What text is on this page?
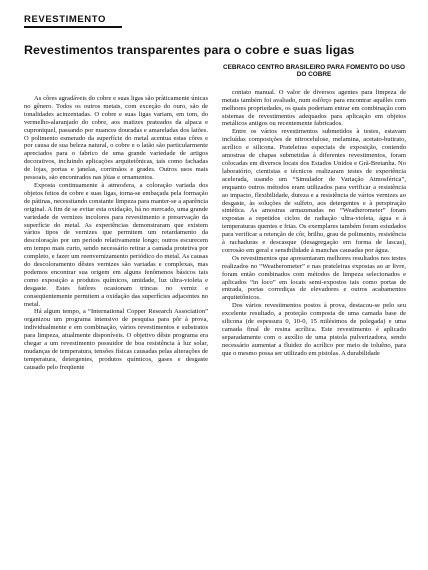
REVESTIMENTO
Revestimentos transparentes para o cobre e suas ligas

As côres agradáveis do cobre e suas ligas são pràticamente únicas no gênero. Todos os outros metais, com exceção do ouro, são de tonalidades acinzentadas. O cobre e suas ligas variam, em tom, do vermelho-alaranjado do cobre, aos matizes prateados da alpaca e cuproniquel, passando por nuances douradas e amareladas dos latões. O polimento esmerado da superfície do metal acentua estas côres e por causa de sua beleza natural, o cobre e o latão são particularmente apreciados para o fabrico de uma grande variedade de artigos decorativos, incluindo aplicações arquitetônicas, tais como fachadas de lojas, portas e janelas, corrimãos e grades. Outros usos mais pessoais, são encontrados nas jóias e ornamentos.

Exposta continuamente à atmosfera, a coloração variada dos objetos feitos de cobre e suas ligas, torna-se embaçada pela formação de pátinas, necessitando constante limpeza para manter-se a aparência original. A fim de se evitar esta oxidação, há no mercado, uma grande variedade de vernizes incolores para revestimento e preservação da superfície do metal. As experiências demonstraram que existem vários tipos de vernizes que permitem um retardamento da descoloração por um período relativamente longo; outros escurecem em tempo mais curto, sendo necessário retirar a camada protetiva por completo, e fazer um reenvernizamento periódico do metal. As causas do descoloramento dêstes vernizes são variadas e complexas, mas podemos encontrar sua origem em alguns fenômenos básicos tais como exposição a produtos químicos, umidade, luz ultra-violeta e desgaste. Estes fatôres ocasionam trincas no verniz e conseqüentemente permitem a oxidação das superfícies adjacentes no metal.

Há algum tempo, a “International Copper Research Association” organizou um programa intensivo de pesquisa para pôr à prova, individualmente e em combinação, vários revestimentos e substratos para limpeza, atualmente disponíveis. O objetivo dêste programa era chegar a um revestimento possuidor de boa resistência à luz solar, mudanças de temperatura, tensões físicas causadas pelas alterações de temperatura, detergentes, produtos químicos, gases e desgaste causado pelo freqüente

CEBRACO CENTRO BRASILEIRO PARA FOMENTO DO USO DO COBRE

contato manual. O valor de diversos agentes para limpeza de metais também foi avaliado, num esfôrço para encontrar aquêles com melhores propriedades, os quais poderiam entrar em combinação com sistemas de revestimentos adequados para aplicação em objetos metálicos antigos ou recentemente fabricados.

Entre os vários revestimentos submetidos à testes, estavam incluídas composições de nitrocelulose, melamina, acetato-butirato, acrílico e silicona. Prateleiras especiais de exposição, contendo amostras de chapas submetidas à diferentes revestimentos, foram colocadas em diversos locais dos Estados Unidos e Grã-Bretanha. No laboratório, cientistas e técnicos realizaram testes de experiência acelerada, usando um “Simulador de Variação Atmosférica”, enquanto outros métodos eram utilizados para verificar a resistência ao impacto, flexibilidade, dureza e a resistência de vários vernizes ao desgaste, às soluções de sulfeto, aos detergentes e à perspiração sintética. As amostras armazenadas no “Weatherometer” foram expostas a repetidos ciclos de radiação ultra-violeta, água e à temperaturas quentes e frias. Os exemplares também foram estudados para verificar a retenção de côr, brilho, grau de polimento, resistência à rachaduras e descasque (desagregação em forma de lascas), corrosão em geral e sensibilidade à manchas causadas por água.

Os revestimentos que apresentaram melhores resultados nos testes realizados no “Weatherometer” e nas prateleiras expostas ao ar livre, foram então combinados com métodos de limpeza selecionados e aplicados “in loco” em locais semi-expostos tais como portas de entrada, portas corrediças de elevadores e outros acabamentos arquitetônicos.

Dos vários revestimentos postos à prova, destacou-se pelo seu excelente resultado, a proteção composta de uma camada base de silicona (de espessura 0, 10-0, 15 milésimos de polegada) e uma camada final de resina acrílica. Este revestimento é aplicado separadamente com o auxílio de uma pistola pulverizadora, sendo necessário aumentar a fluidez do acrílico por meio de toluêno, para que o mesmo possa ser utilizado em pistolas. A durabilidade
